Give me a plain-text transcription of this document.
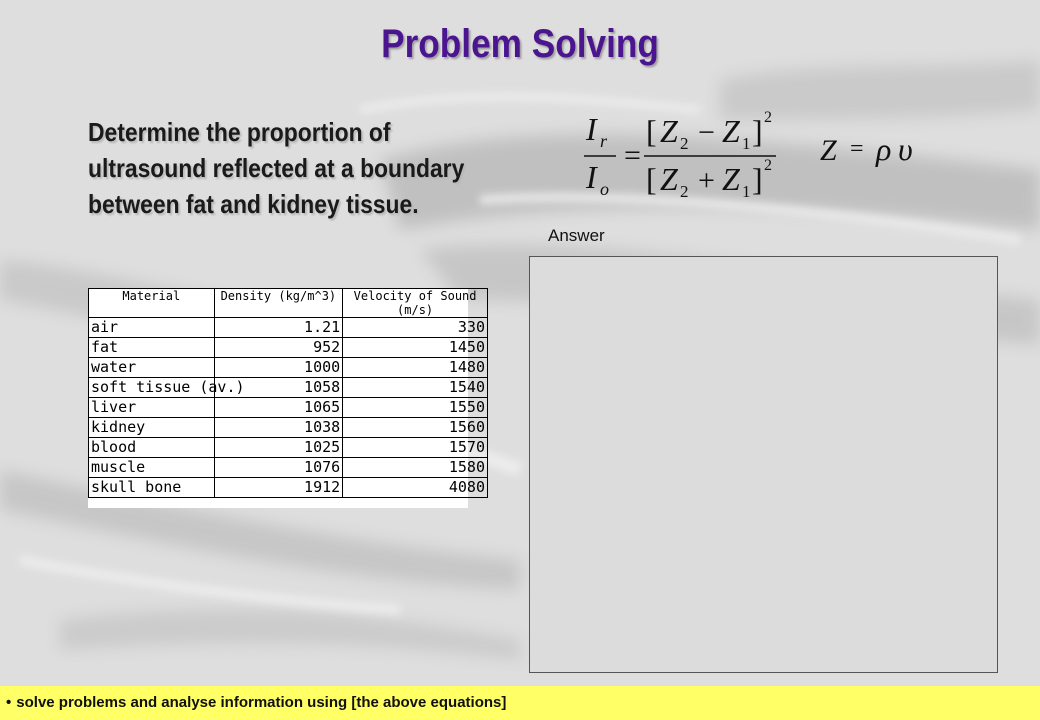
Problem Solving
Determine the proportion of ultrasound reflected at a boundary between fat and kidney tissue.
I r
I o
=
[ Z 2 − Z 1 ] 2
[ Z 2 + Z 1 ] 2 Z = ρ υ
Answer
Material	Density (kg/m^3)	Velocity of Sound
(m/s)
air	1.21	330
fat	952	1450
water	1000	1480
soft tissue (av.)	1058	1540
liver	1065	1550
kidney	1038	1560
blood	1025	1570
muscle	1076	1580
skull bone	1912	4080
• solve problems and analyse information using [the above equations]
